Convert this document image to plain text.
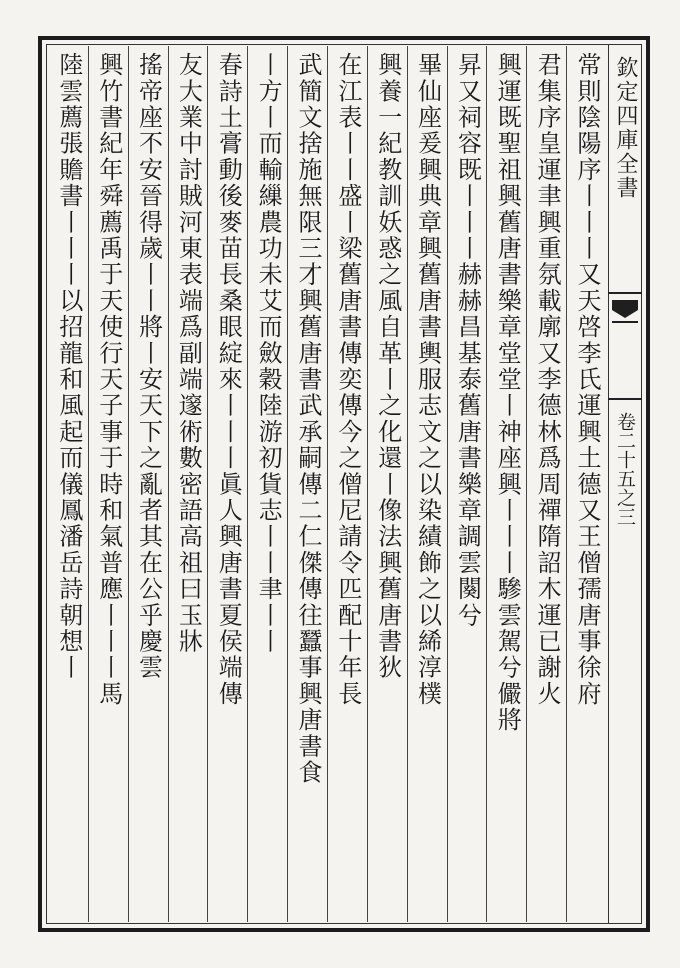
欽定四庫全書
卷二十五之三
常則陰陽序丨丨丨又天啓李氏運興土德又王僧孺唐事徐府
君集序皇運聿興重氛載廓又李德林爲周禪隋詔木運已謝火
興運既聖祖興舊唐書樂章堂堂丨神座興丨丨丨驂雲駕兮儼將
昇又祠容既丨丨丨赫赫昌基泰舊唐書樂章調雲闋兮
畢仙座爰興典章興舊唐書輿服志文之以染績飾之以絺淳樸
興養一紀教訓妖惑之風自革丨之化還丨像法興舊唐書狄
在江表丨丨盛丨梁舊唐書傳奕傳今之僧尼請令匹配十年長
武簡文捨施無限三才興舊唐書武承嗣傳二仁傑傳往蠶事興唐書食
丨方丨而輸繅農功未艾而斂穀陸游初貨志丨丨聿丨丨
春詩土膏動後麥苗長桑眼綻來丨丨丨眞人興唐書夏侯端傳
友大業中討賊河東表端爲副端邃術數密語高祖曰玉牀
搖帝座不安晉得歲丨丨將丨安天下之亂者其在公乎慶雲
興竹書紀年舜薦禹于天使行天子事于時和氣普應丨丨丨馬
陸雲薦張贍書丨丨丨以招龍和風起而儀鳳潘岳詩朝想丨
